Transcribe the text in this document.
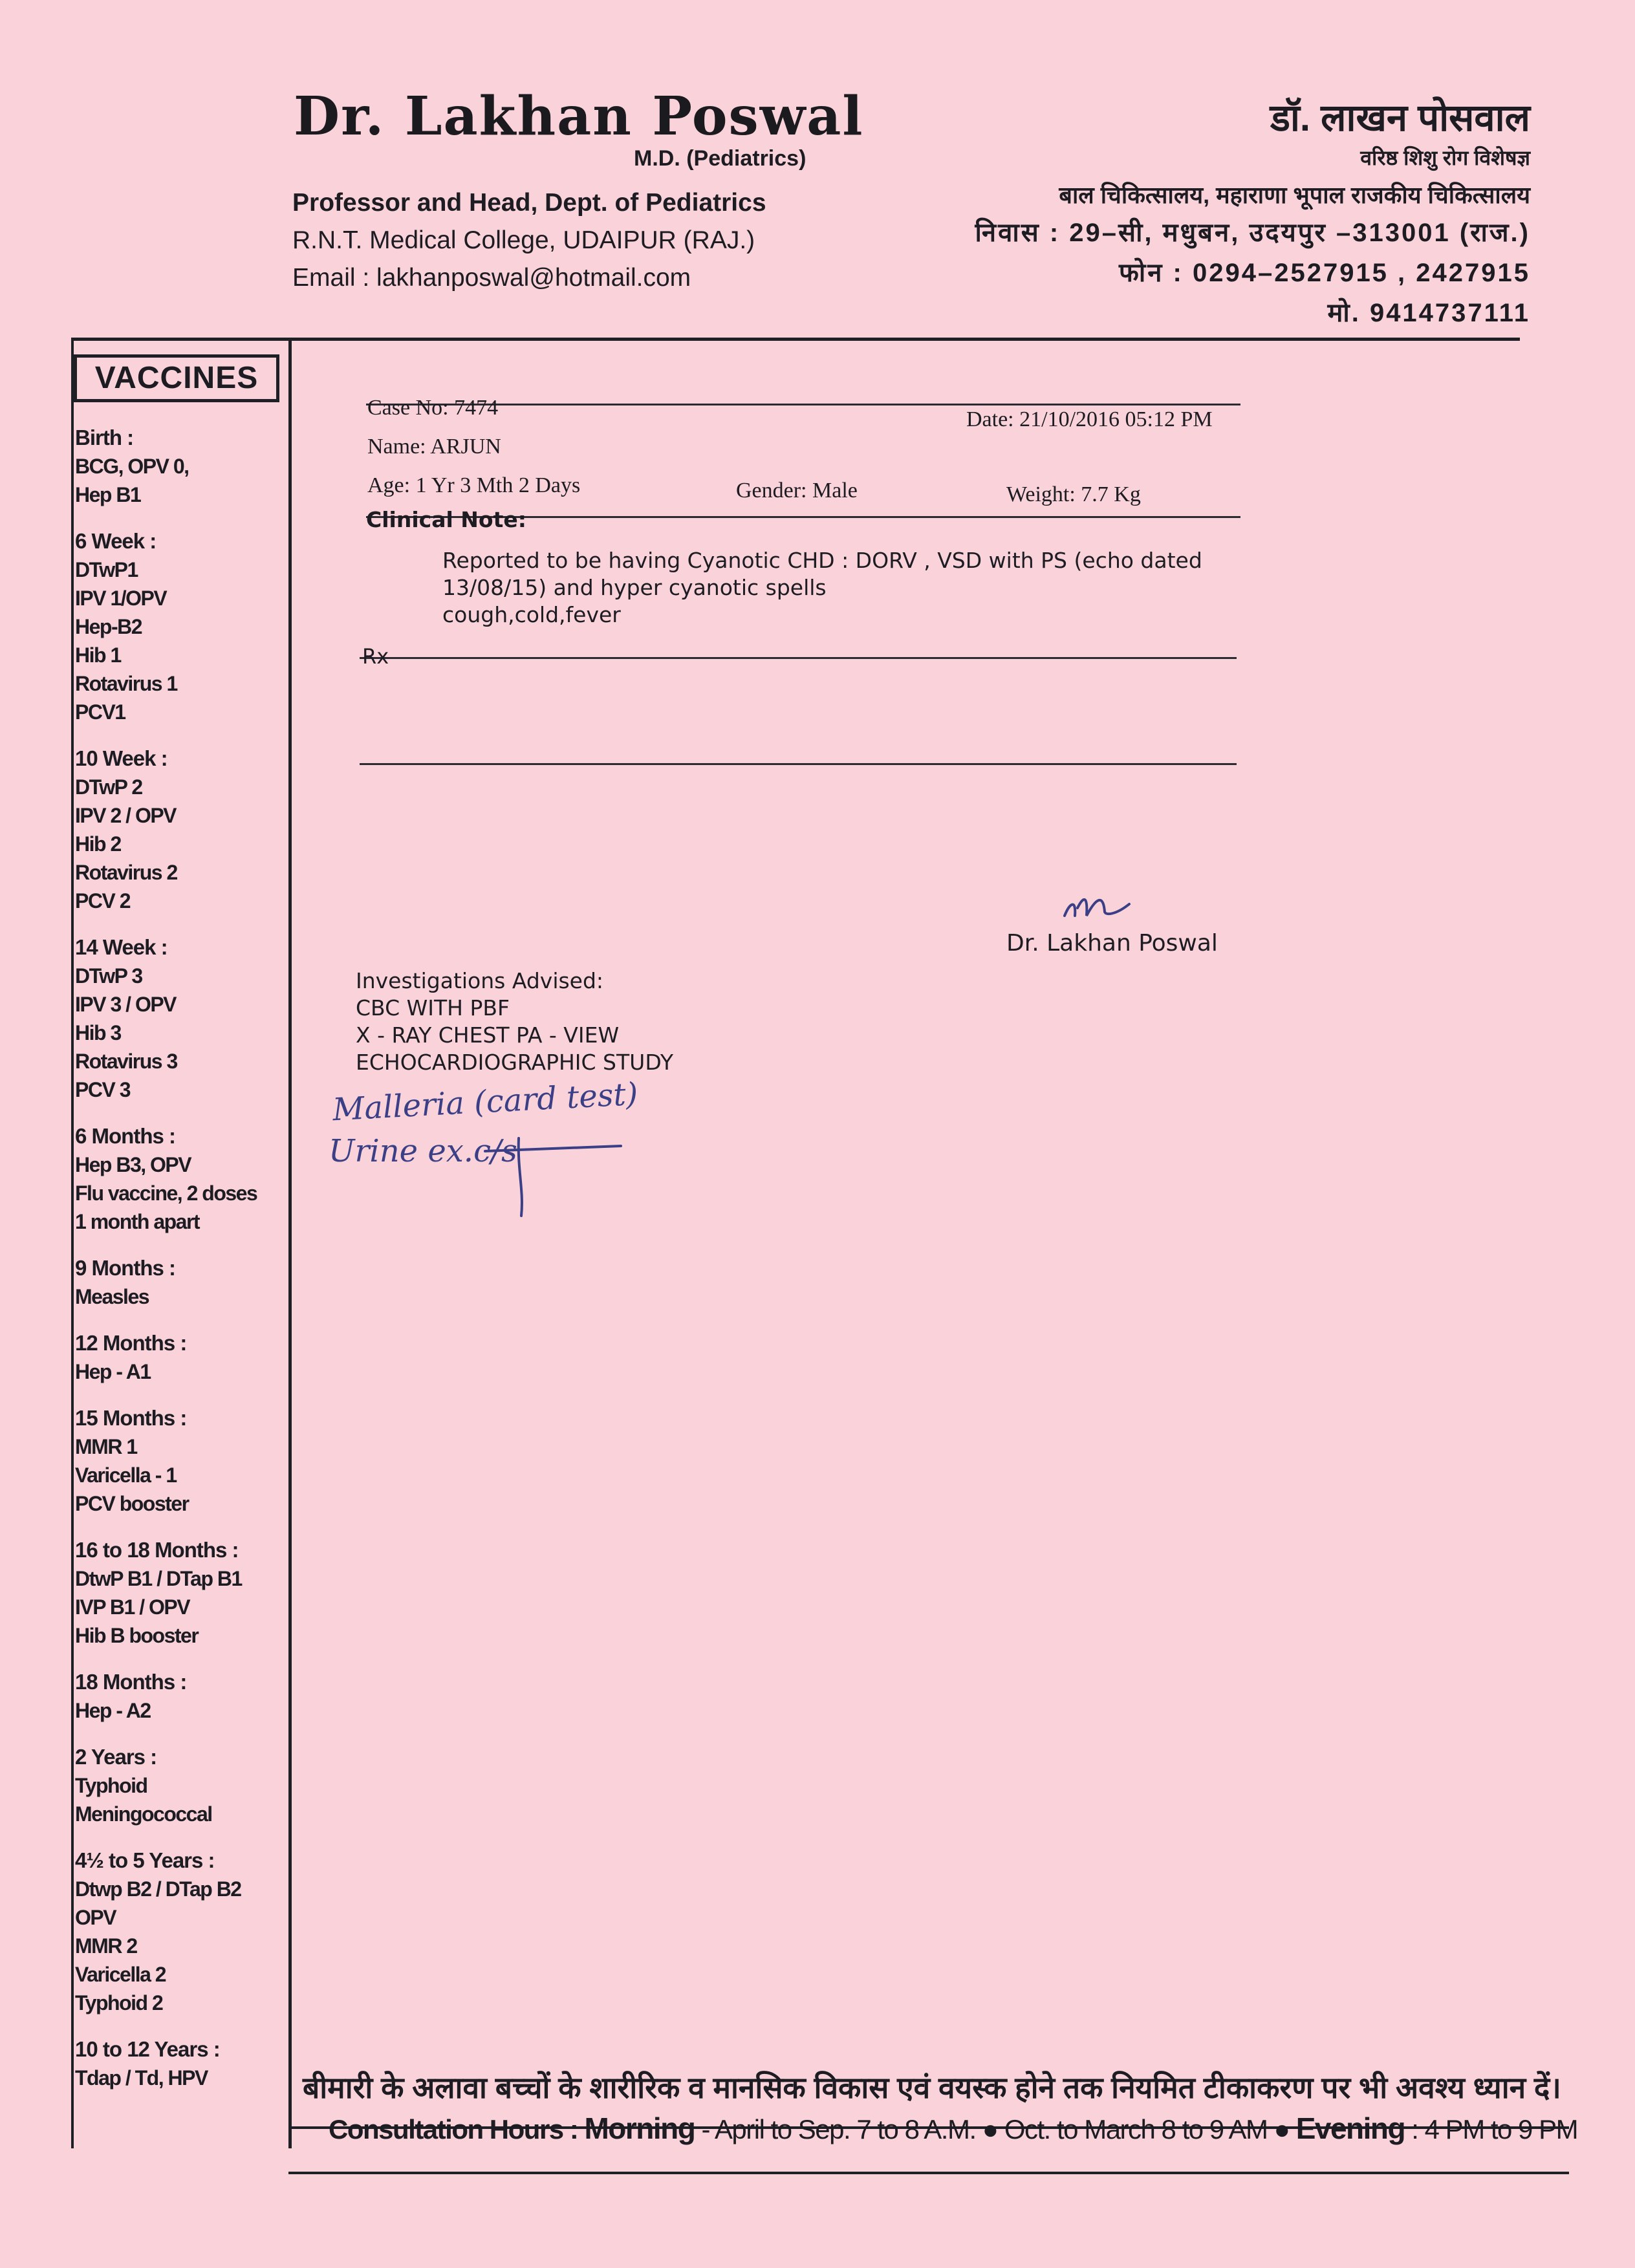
Dr. Lakhan Poswal
M.D. (Pediatrics)
Professor and Head, Dept. of Pediatrics
R.N.T. Medical College, UDAIPUR (RAJ.)
Email : lakhanposwal@hotmail.com
डॉ. लाखन पोसवाल
वरिष्ठ शिशु रोग विशेषज्ञ
बाल चिकित्सालय, महाराणा भूपाल राजकीय चिकित्सालय
निवास : 29–सी, मधुबन, उदयपुर –313001 (राज.)
फोन : 0294–2527915 , 2427915
मो. 9414737111
VACCINES
Birth :
BCG, OPV 0,
Hep B1
6 Week :
DTwP1
IPV 1/OPV
Hep-B2
Hib 1
Rotavirus 1
PCV1
10 Week :
DTwP 2
IPV 2 / OPV
Hib 2
Rotavirus 2
PCV 2
14 Week :
DTwP 3
IPV 3 / OPV
Hib 3
Rotavirus 3
PCV 3
6 Months :
Hep B3, OPV
Flu vaccine, 2 doses
1 month apart
9 Months :
Measles
12 Months :
Hep - A1
15 Months :
MMR 1
Varicella - 1
PCV booster
16 to 18 Months :
DtwP B1 / DTap B1
IVP B1 / OPV
Hib B booster
18 Months :
Hep - A2
2 Years :
Typhoid
Meningococcal
4½ to 5 Years :
Dtwp B2 / DTap B2
OPV
MMR 2
Varicella 2
Typhoid 2
10 to 12 Years :
Tdap / Td, HPV
Case No: 7474	Date: 21/10/2016 05:12 PM
Name: ARJUN
Age: 1 Yr 3 Mth 2 Days	Gender: Male	Weight: 7.7 Kg
Clinical Note:
Reported to be having Cyanotic CHD : DORV , VSD with PS (echo dated
13/08/15) and hyper cyanotic spells
cough,cold,fever
Rx
Dr. Lakhan Poswal
Investigations Advised:
CBC WITH PBF
X - RAY CHEST PA - VIEW
ECHOCARDIOGRAPHIC STUDY
Malleria (card test)
Urine ex.c/s
बीमारी के अलावा बच्चों के शारीरिक व मानसिक विकास एवं वयस्क होने तक नियमित टीकाकरण पर भी अवश्य ध्यान दें।
Consultation Hours : Morning - April to Sep. 7 to 8 A.M. ● Oct. to March 8 to 9 AM ● Evening : 4 PM to 9 PM
